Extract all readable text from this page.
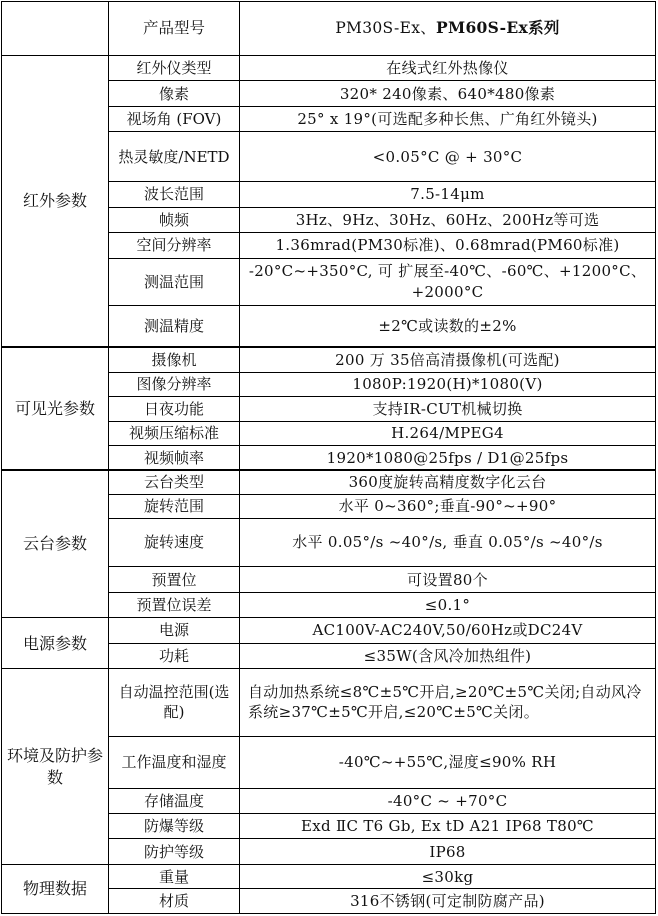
	产品型号	PM30S-Ex、PM60S-Ex系列
红外参数	红外仪类型	在线式红外热像仪
	像素	320* 240像素、640*480像素
	视场角 (FOV)	25° x 19°(可选配多种长焦、广角红外镜头)
	热灵敏度/NETD	<0.05°C @ + 30°C
	波长范围	7.5-14μm
	帧频	3Hz、9Hz、30Hz、60Hz、200Hz等可选
	空间分辨率	1.36mrad(PM30标准)、0.68mrad(PM60标准)
	测温范围	-20°C~+350°C, 可 扩展至-40℃、-60℃、+1200°C、+2000°C
	测温精度	±2℃或读数的±2%
可见光参数	摄像机	200 万 35倍高清摄像机(可选配)
	图像分辨率	1080P:1920(H)*1080(V)
	日夜功能	支持IR-CUT机械切换
	视频压缩标准	H.264/MPEG4
	视频帧率	1920*1080@25fps / D1@25fps
云台参数	云台类型	360度旋转高精度数字化云台
	旋转范围	水平 0~360°;垂直-90°~+90°
	旋转速度	水平 0.05°/s ~40°/s, 垂直 0.05°/s ~40°/s
	预置位	可设置80个
	预置位误差	≤0.1°
电源参数	电源	AC100V-AC240V,50/60Hz或DC24V
	功耗	≤35W(含风冷加热组件)
环境及防护参数	自动温控范围(选配)	自动加热系统≤8℃±5℃开启,≥20℃±5℃关闭;自动风冷系统≥37℃±5℃开启,≤20℃±5℃关闭。
	工作温度和湿度	-40℃~+55℃,湿度≤90% RH
	存储温度	-40°C ~ +70°C
	防爆等级	Exd ⅡC T6 Gb, Ex tD A21 IP68 T80℃
	防护等级	IP68
物理数据	重量	≤30kg
	材质	316不锈钢(可定制防腐产品)
